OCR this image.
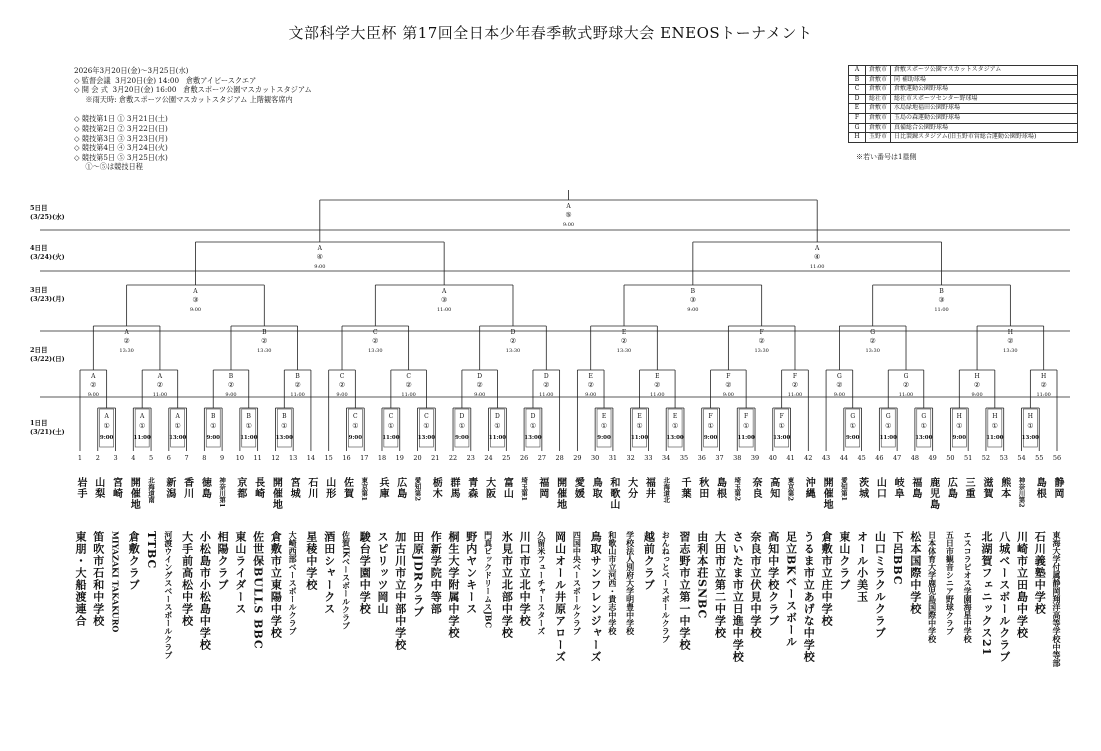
文部科学大臣杯 第17回全日本少年春季軟式野球大会 ENEOSトーナメント
2026年3月20日(金)～3月25日(水)
◇ 監督会議  3月20日(金) 14:00   倉敷アイビースクエア
◇ 開 会 式  3月20日(金) 16:00   倉敷スポーツ公園マスカットスタジアム
※雨天時: 倉敷スポーツ公園マスカットスタジアム 上階観客席内
◇ 競技第1日 ① 3月21日(土)
◇ 競技第2日 ② 3月22日(日)
◇ 競技第3日 ③ 3月23日(月)
◇ 競技第4日 ④ 3月24日(火)
◇ 競技第5日 ⑤ 3月25日(水)
①～⑤は競技日程
A	倉敷市	倉敷スポーツ公園マスカットスタジアム
B	倉敷市	同 補助球場
C	倉敷市	倉敷運動公園野球場
D	総社市	総社市スポーツセンター野球場
E	倉敷市	水島緑地福田公園野球場
F	倉敷市	玉島の森運動公園野球場
G	倉敷市	真備総合公園野球場
H	玉野市	日比製錬スタジアム(旧玉野市営総合運動公園野球場)
※若い番号は1塁側
A
①
9:00
A
①
11:00
A
①
13:00
B
①
9:00
B
①
11:00
B
①
13:00
C
①
9:00
C
①
11:00
C
①
13:00
D
①
9:00
D
①
11:00
D
①
13:00
E
①
9:00
E
①
11:00
E
①
13:00
F
①
9:00
F
①
11:00
F
①
13:00
G
①
9:00
G
①
11:00
G
①
13:00
H
①
9:00
H
①
11:00
H
①
13:00
A
②
9:00
A
②
11:00
B
②
9:00
B
②
11:00
C
②
9:00
C
②
11:00
D
②
9:00
D
②
11:00
E
②
9:00
E
②
11:00
F
②
9:00
F
②
11:00
G
②
9:00
G
②
11:00
H
②
9:00
H
②
11:00
A
②
13:30
B
②
13:30
C
②
13:30
D
②
13:30
E
②
13:30
F
②
13:30
G
②
13:30
H
②
13:30
A
③
9:00
A
③
11:00
B
③
9:00
B
③
11:00
A
④
9:00
A
④
11:00
A
⑤
9:00
1 2 3 4 5 6 7 8 9 10 11 12 13 14 15 16 17 18 19 20 21 22 23 24 25 26 27 28 29 30 31 32 33 34 35 36 37 38 39 40 41 42 43 44 45 46 47 48 49 50 51 52 53 54 55 56
5日目
(3/25)(水)
4日目
(3/24)(火)
3日目
(3/23)(月)
2日目
(3/22)(日)
1日目
(3/21)(土)
岩手
東朋・大船渡連合
山梨
笛吹市石和中学校
宮崎
MIYAZAKI TAKAKURO
開催地
倉敷クラブ
北海道南
TTBC
新潟
河渡ウイングスベースボールクラブ
香川
大手前高松中学校
徳島
小松島市小松島中学校
神奈川第1
相陽クラブ
京都
東山ライダース
長崎
佐世保BULLS BBC
開催地
倉敷市立東陽中学校
宮城
大崎西部ベースボールクラブ
石川
星稜中学校
山形
酒田シャークス
佐賀
佐賀IKベースボールクラブ
東京第1
駿台学園中学校
兵庫
スピリッツ岡山
広島
加古川市立中部中学校
愛知第2
田原JDRクラブ
栃木
作新学院中等部
群馬
桐生大学附属中学校
青森
野内ヤンキース
大阪
門真ビックドリームスJBC
富山
氷見市立北部中学校
埼玉第1
川口市立北中学校
福岡
久留米フューチャースターズ
開催地
岡山オール井原アローズ
愛媛
四国中央ベースボールクラブ
鳥取
鳥取サンフレンジャーズ
和歌山
和歌山市立河西・貴志中学校
大分
学校法人別府大学明豊中学校
福井
越前クラブ
北海道北
おんねっとベースボールクラブ
千葉
習志野市立第一中学校
秋田
由利本荘SNBC
島根
大田市立第二中学校
埼玉第2
さいたま市立日進中学校
奈良
奈良市立伏見中学校
高知
高知中学校クラブ
東京第2
足立BKベースボール
沖縄
うるま市立あげな中学校
開催地
倉敷市立庄中学校
愛知第1
東山クラブ
茨城
オール小美玉
山口
山口ミラクルクラブ
岐阜
下呂BBC
福島
松本国際中学校
鹿児島
日本体育大学鹿児島国際中学校
広島
五日市観音シニア野球クラブ
三重
エスコラピオス学園海星中学校
滋賀
北湖賀フェニックス21
熊本
八城ベースボールクラブ
神奈川第2
川崎市立田島中学校
島根
石川義塾中学校
静岡
東海大学付属静岡翔洋高等学校中等部
